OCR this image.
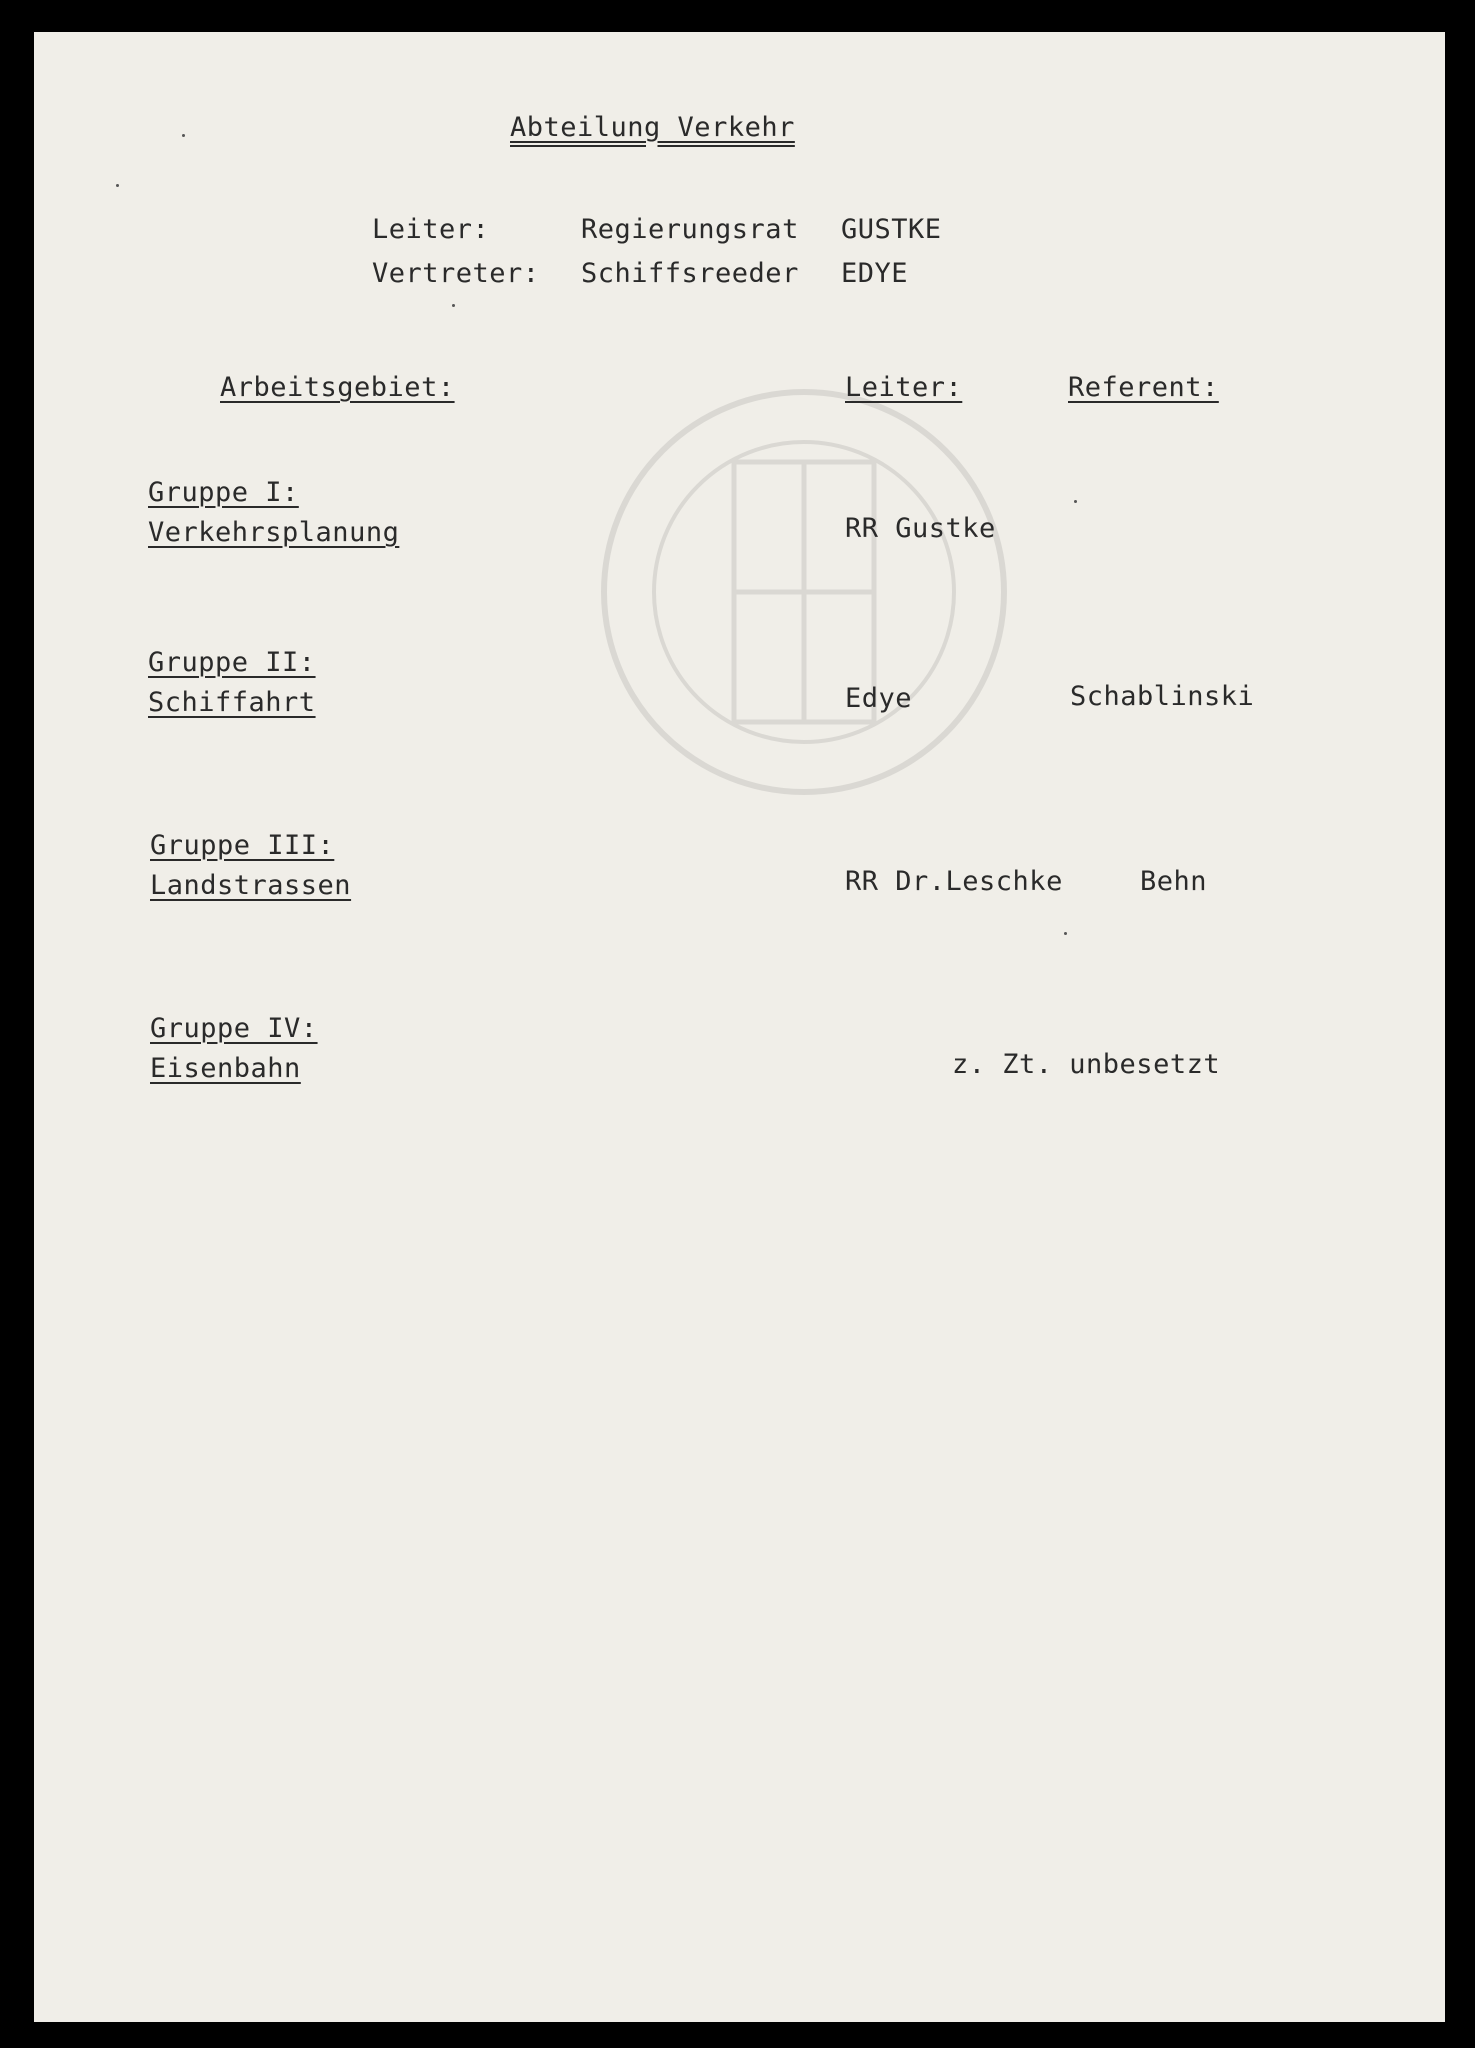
Abteilung Verkehr
Leiter:	Regierungsrat GUSTKE
Vertreter: Schiffsreeder EDYE
Arbeitsgebiet:	Leiter:	Referent:
Gruppe I:
Verkehrsplanung	RR Gustke
Gruppe II:
Schiffahrt	Edye	Schablinski
Gruppe III:
Landstrassen	RR Dr.Leschke	Behn
Gruppe IV:
Eisenbahn	z. Zt. unbesetzt
